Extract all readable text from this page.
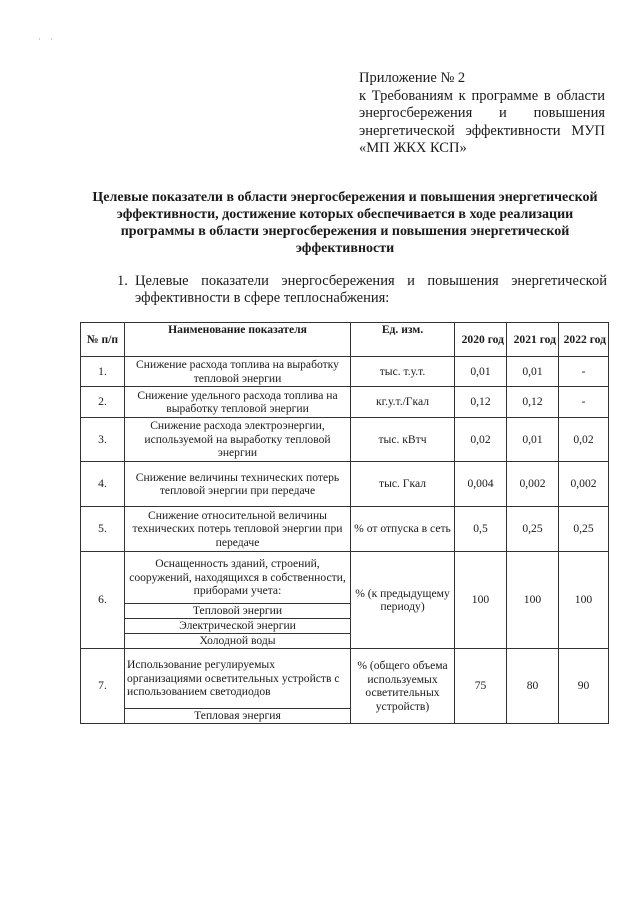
· ·
Приложение № 2
к Требованиям к программе в области
энергосбережения и повышения
энергетической эффективности МУП
«МП ЖКХ КСП»
Целевые показатели в области энергосбережения и повышения энергетической эффективности, достижение которых обеспечивается в ходе реализации программы в области энергосбережения и повышения энергетической эффективности
1. Целевые показатели энергосбережения и повышения энергетической
эффективности в сфере теплоснабжения:
№ п/п	Наименование показателя	Ед. изм.	2020 год	2021 год	2022 год
1.	Снижение расхода топлива на выработку тепловой энергии	тыс. т.у.т.	0,01	0,01	-
2.	Снижение удельного расхода топлива на выработку тепловой энергии	кг.у.т./Гкал	0,12	0,12	-
3.	Снижение расхода электроэнергии, используемой на выработку тепловой энергии	тыс. кВтч	0,02	0,01	0,02
4.	Снижение величины технических потерь тепловой энергии при передаче	тыс. Гкал	0,004	0,002	0,002
5.	Снижение относительной величины технических потерь тепловой энергии при передаче	% от отпуска в сеть	0,5	0,25	0,25
6.	Оснащенность зданий, строений, сооружений, находящихся в собственности, приборами учета:	% (к предыдущему периоду)	100	100	100
	Тепловой энергии				
	Электрической энергии				
	Холодной воды				
7.	Использование регулируемых организациями осветительных устройств с использованием светодиодов	% (общего объема используемых осветительных устройств)	75	80	90
	Тепловая энергия				
